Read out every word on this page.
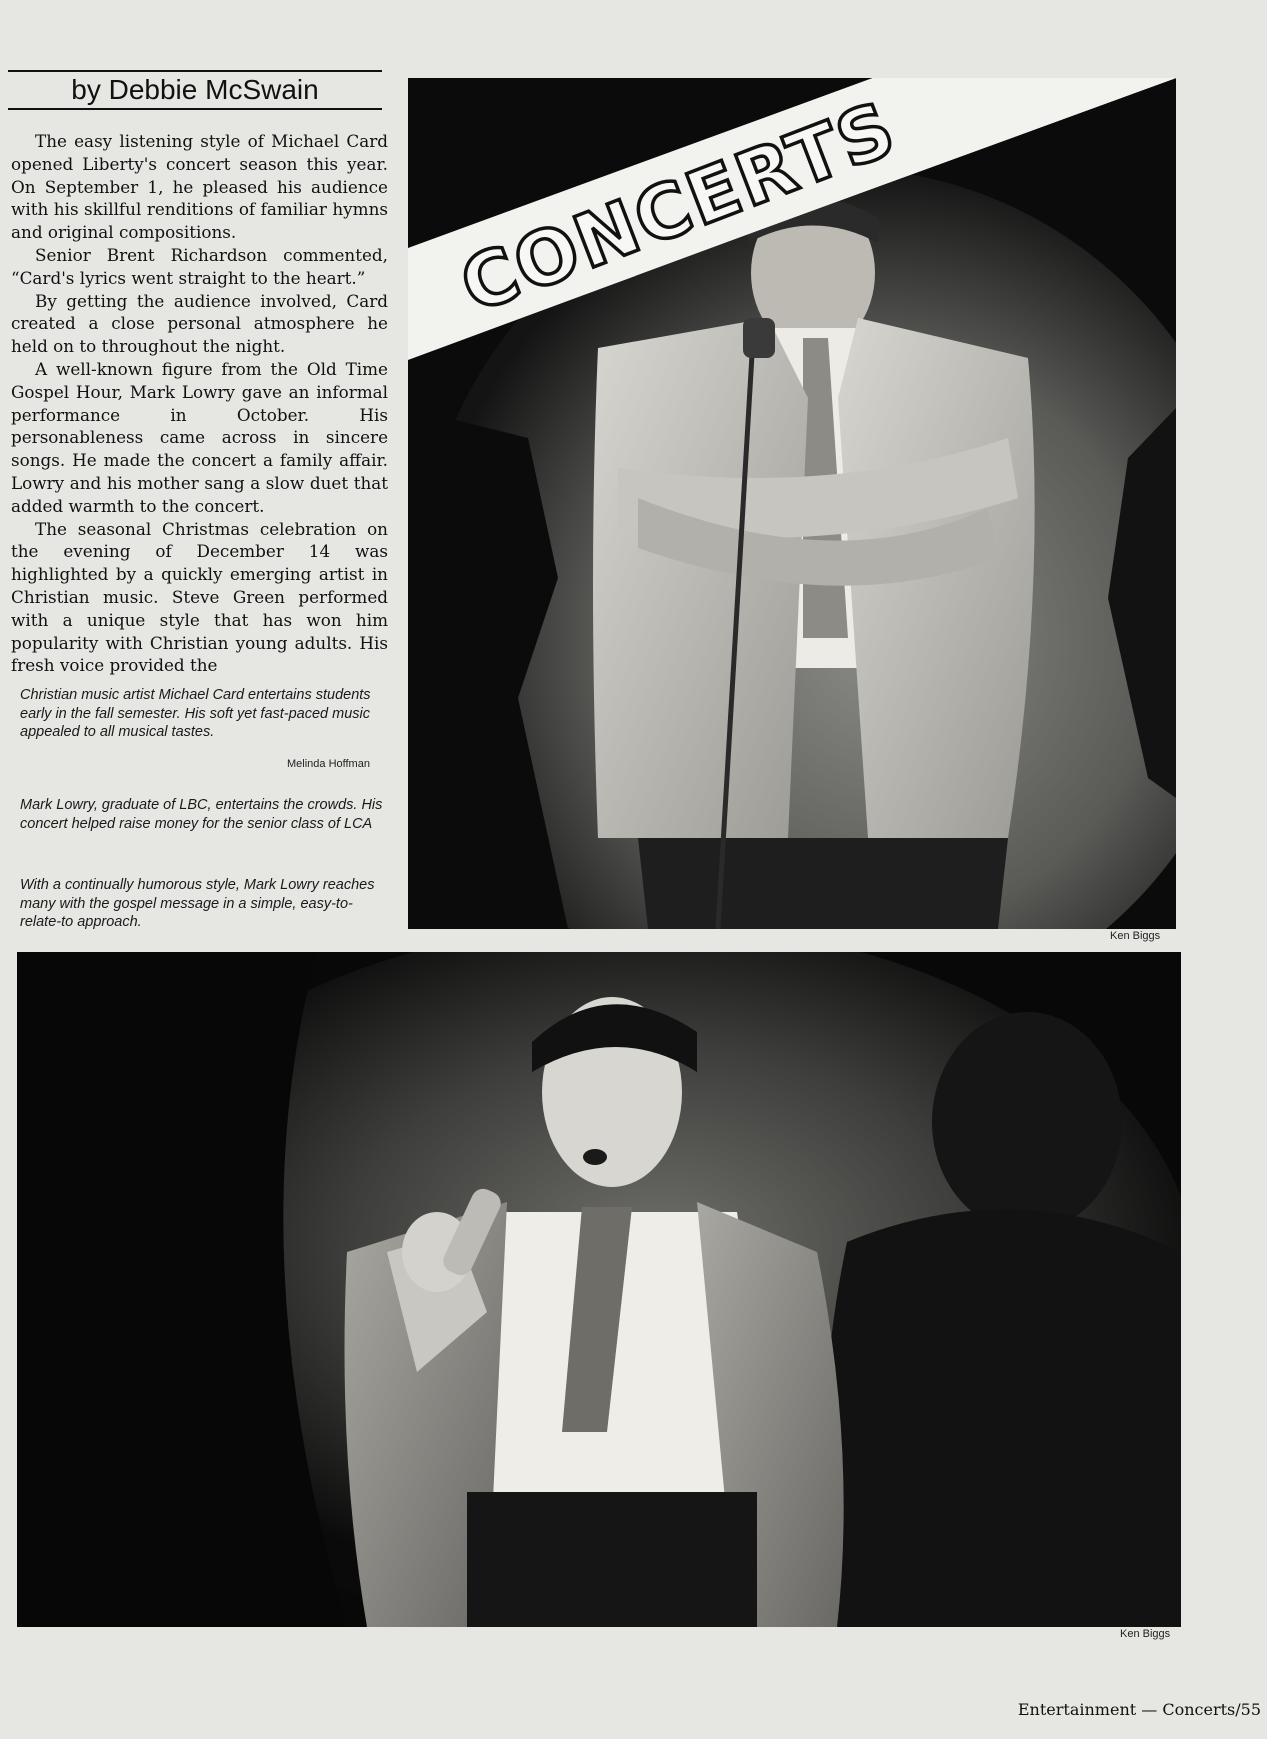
by Debbie McSwain

The easy listening style of Michael Card opened Liberty's concert season this year. On September 1, he pleased his audience with his skillful renditions of familiar hymns and original compositions.

Senior Brent Richardson commented, “Card's lyrics went straight to the heart.”

By getting the audience involved, Card created a close personal atmosphere he held on to throughout the night.

A well-known figure from the Old Time Gospel Hour, Mark Lowry gave an informal performance in October. His personableness came across in sincere songs. He made the concert a family affair. Lowry and his mother sang a slow duet that added warmth to the concert.

The seasonal Christmas celebration on the evening of December 14 was highlighted by a quickly emerging artist in Christian music. Steve Green performed with a unique style that has won him popularity with Christian young adults. His fresh voice provided the

Christian music artist Michael Card entertains students early in the fall semester. His soft yet fast-paced music appealed to all musical tastes.

Melinda Hoffman

Mark Lowry, graduate of LBC, entertains the crowds. His concert helped raise money for the senior class of LCA

With a continually humorous style, Mark Lowry reaches many with the gospel message in a simple, easy-to-relate-to approach.

CONCERTS

Ken Biggs

Ken Biggs

Entertainment — Concerts/55
